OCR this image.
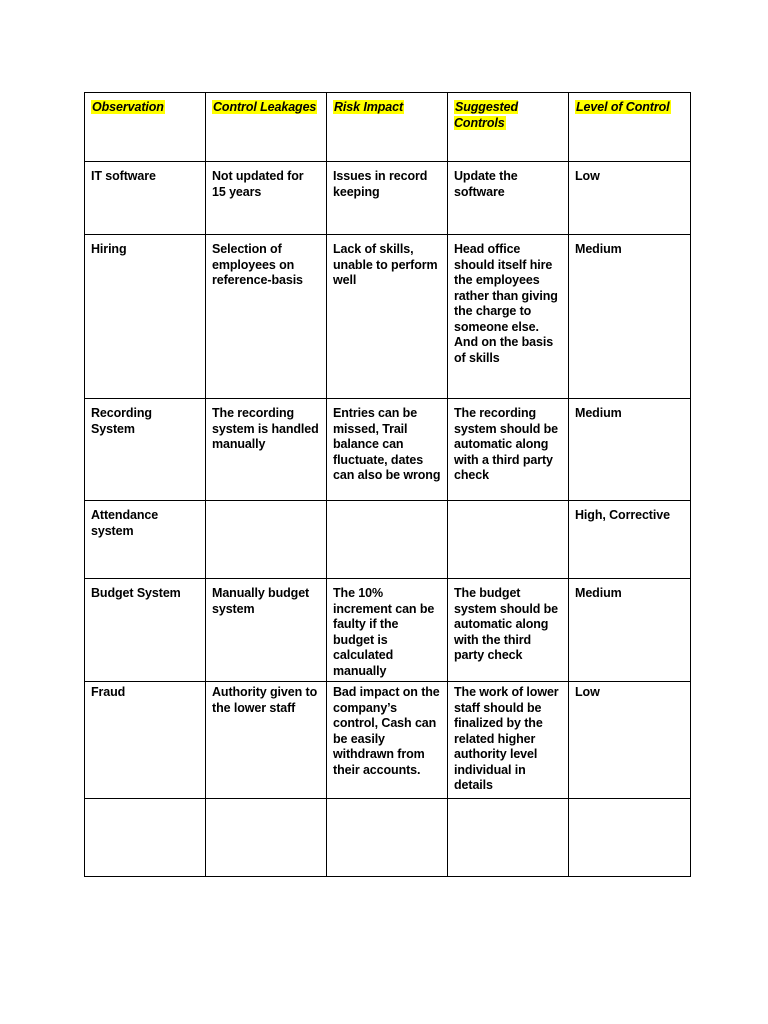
Observation	Control Leakages	Risk Impact	Suggested Controls	Level of Control
IT software	Not updated for 15 years	Issues in record keeping	Update the software	Low
Hiring	Selection of employees on reference-basis	Lack of skills, unable to perform well	Head office should itself hire the employees rather than giving the charge to someone else. And on the basis of skills	Medium
Recording System	The recording system is handled manually	Entries can be missed, Trail balance can fluctuate, dates can also be wrong	The recording system should be automatic along with a third party check	Medium
Attendance system				High, Corrective
Budget System	Manually budget system	The 10% increment can be faulty if the budget is calculated manually	The budget system should be automatic along with the third party check	Medium
Fraud	Authority given to the lower staff	Bad impact on the company’s control, Cash can be easily withdrawn from their accounts.	The work of lower staff should be finalized by the related higher authority level individual in details	Low
